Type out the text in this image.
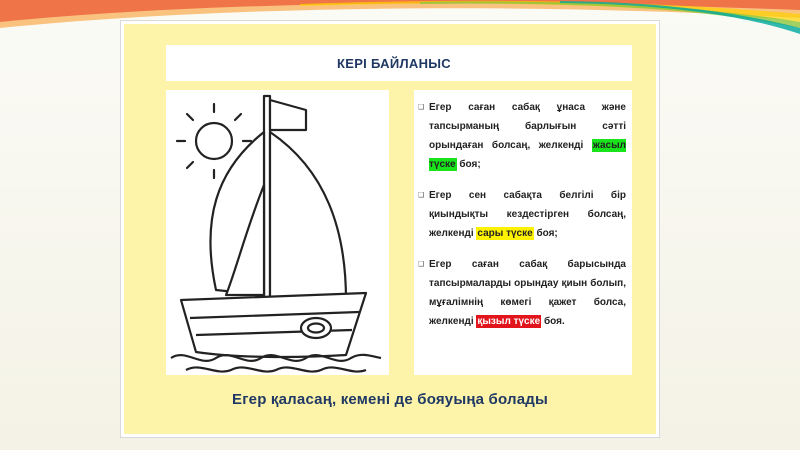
КЕРІ БАЙЛАНЫС
❑ Егер саған сабақ ұнаса және тапсырманың барлығын сәтті орындаған болсаң, желкенді жасыл түске боя;
❑ Егер сен сабақта белгілі бір қиындықты кездестірген болсаң, желкенді сары түске боя;
❑ Егер саған сабақ барысында тапсырмаларды орындау қиын болып, мұғалімнің көмегі қажет болса, желкенді қызыл түске боя.
Егер қаласаң, кемені де бояуыңа болады
